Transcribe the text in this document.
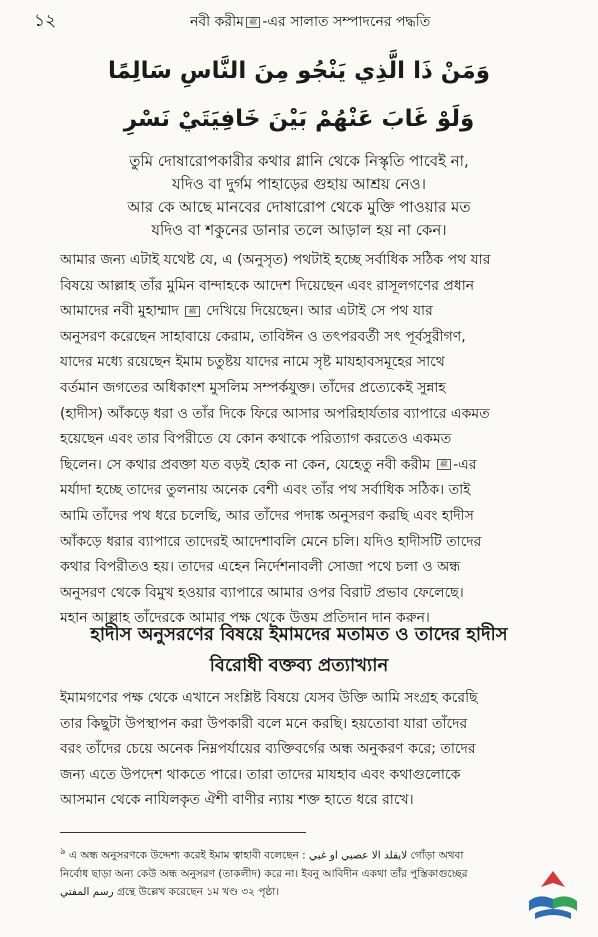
১২	নবী করীম ﷺ -এর সালাত সম্পাদনের পদ্ধতি
وَمَنْ ذَا الَّذِي يَنْجُو مِنَ النَّاسِ سَالِمًا
وَلَوْ غَابَ عَنْهُمْ بَيْنَ خَافِيَتَيْ نَسْرِ
তুমি দোষারোপকারীর কথার গ্লানি থেকে নিস্কৃতি পাবেই না,
যদিও বা দুর্গম পাহাড়ের গুহায় আশ্রয় নেও।
আর কে আছে মানবের দোষারোপ থেকে মুক্তি পাওয়ার মত
যদিও বা শকুনের ডানার তলে আড়াল হয় না কেন।
আমার জন্য এটাই যথেষ্ট যে, এ (অনুসৃত) পথটাই হচ্ছে সর্বাধিক সঠিক পথ যার
বিষয়ে আল্লাহ তাঁর মুমিন বান্দাহকে আদেশ দিয়েছেন এবং রাসূলগণের প্রধান
আমাদের নবী মুহাম্মাদ ﷺ দেখিয়ে দিয়েছেন। আর এটাই সে পথ যার
অনুসরণ করেছেন সাহাবায়ে কেরাম, তাবিঈন ও তৎপরবর্তী সৎ পূর্বসুরীগণ,
যাদের মধ্যে রয়েছেন ইমাম চতুষ্টয় যাদের নামে সৃষ্ট মাযহাবসমূহের সাথে
বর্তমান জগতের অধিকাংশ মুসলিম সম্পর্কযুক্ত। তাঁদের প্রত্যেকেই সুন্নাহ
(হাদীস) আঁকড়ে ধরা ও তাঁর দিকে ফিরে আসার অপরিহার্যতার ব্যাপারে একমত
হয়েছেন এবং তার বিপরীতে যে কোন কথাকে পরিত্যাগ করতেও একমত
ছিলেন। সে কথার প্রবক্তা যত বড়ই হোক না কেন, যেহেতু নবী করীম ﷺ -এর
মর্যাদা হচ্ছে তাদের তুলনায় অনেক বেশী এবং তাঁর পথ সর্বাধিক সঠিক। তাই
আমি তাঁদের পথ ধরে চলেছি, আর তাঁদের পদাঙ্ক অনুসরণ করছি এবং হাদীস
আঁকড়ে ধরার ব্যাপারে তাদেরই আদেশাবলি মেনে চলি। যদিও হাদীসটি তাদের
কথার বিপরীতও হয়। তাদের এহেন নির্দেশনাবলী সোজা পথে চলা ও অন্ধ
অনুসরণ থেকে বিমুখ হওয়ার ব্যাপারে আমার ওপর বিরাট প্রভাব ফেলেছে।
মহান আল্লাহ তাঁদেরকে আমার পক্ষ থেকে উত্তম প্রতিদান দান করুন।
হাদীস অনুসরণের বিষয়ে ইমামদের মতামত ও তাদের হাদীস
বিরোধী বক্তব্য প্রত্যাখ্যান
ইমামগণের পক্ষ থেকে এখানে সংশ্লিষ্ট বিষয়ে যেসব উক্তি আমি সংগ্রহ করেছি
তার কিছুটা উপস্থাপন করা উপকারী বলে মনে করছি। হয়তোবা যারা তাঁদের
বরং তাঁদের চেয়ে অনেক নিম্নপর্যায়ের ব্যক্তিবর্গের অন্ধ অনুকরণ করে; তাদের
জন্য এতে উপদেশ থাকতে পারে। তারা তাদের মাযহাব এবং কথাগুলোকে
আসমান থেকে নাযিলকৃত ঐশী বাণীর ন্যায় শক্ত হাতে ধরে রাখে।
$^৯$ এ অন্ধ অনুসরণকে উদ্দেশ্য করেই ইমাম ত্বাহাবী বলেছেন : لايقلد الا عصبي او غبي গোঁড়া অথবা
নির্বোধ ছাড়া অন্য কেউ অন্ধ অনুসরণ (তাকলীদ) করে না। ইবনু আবিদীন একথা তাঁর পুস্তিকাগুচ্ছের
رسم المفتي গ্রন্থে উল্লেখ করেছেন ১ম খণ্ড ৩২ পৃষ্ঠা।
